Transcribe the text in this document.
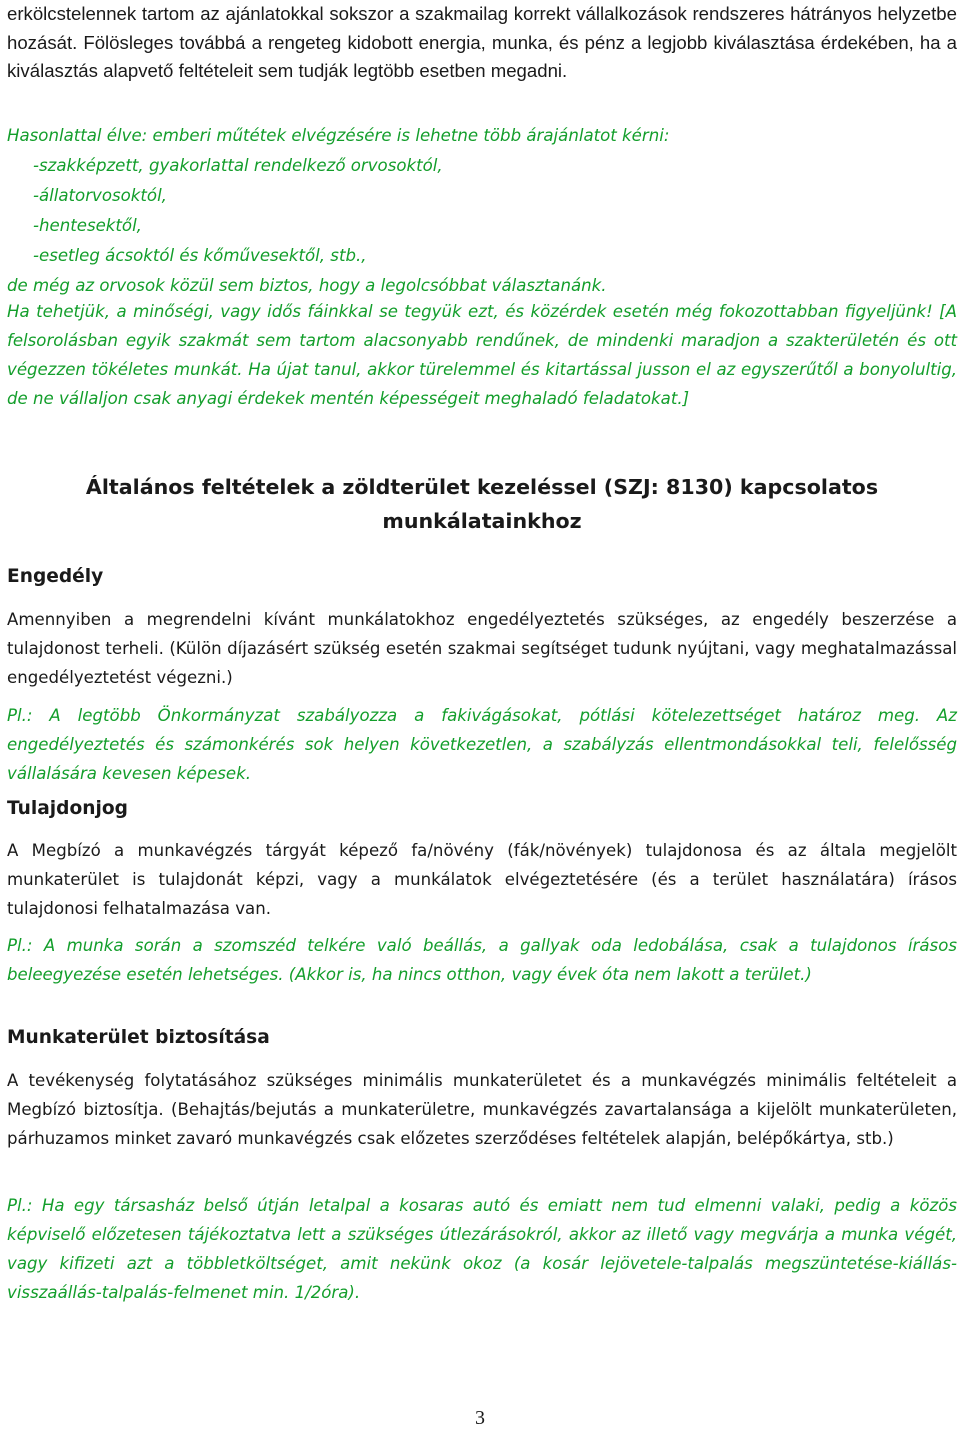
erkölcstelennek tartom az ajánlatokkal sokszor a szakmailag korrekt vállalkozások rendszeres hátrányos helyzetbe hozását. Fölösleges továbbá a rengeteg kidobott energia, munka, és pénz a legjobb kiválasztása érdekében, ha a kiválasztás alapvető feltételeit sem tudják legtöbb esetben megadni.

Hasonlattal élve: emberi műtétek elvégzésére is lehetne több árajánlatot kérni:
-szakképzett, gyakorlattal rendelkező orvosoktól,
-állatorvosoktól,
-hentesektől,
-esetleg ácsoktól és kőművesektől, stb.,
de még az orvosok közül sem biztos, hogy a legolcsóbbat választanánk.

Ha tehetjük, a minőségi, vagy idős fáinkkal se tegyük ezt, és közérdek esetén még fokozottabban figyeljünk! [A felsorolásban egyik szakmát sem tartom alacsonyabb rendűnek, de mindenki maradjon a szakterületén és ott végezzen tökéletes munkát. Ha újat tanul, akkor türelemmel és kitartással jusson el az egyszerűtől a bonyolultig, de ne vállaljon csak anyagi érdekek mentén képességeit meghaladó feladatokat.]

Általános feltételek a zöldterület kezeléssel (SZJ: 8130) kapcsolatos
munkálatainkhoz
Engedély

Amennyiben a megrendelni kívánt munkálatokhoz engedélyeztetés szükséges, az engedély beszerzése a tulajdonost terheli. (Külön díjazásért szükség esetén szakmai segítséget tudunk nyújtani, vagy meghatalmazással engedélyeztetést végezni.)

Pl.: A legtöbb Önkormányzat szabályozza a fakivágásokat, pótlási kötelezettséget határoz meg. Az engedélyeztetés és számonkérés sok helyen következetlen, a szabályzás ellentmondásokkal teli, felelősség vállalására kevesen képesek.

Tulajdonjog

A Megbízó a munkavégzés tárgyát képező fa/növény (fák/növények) tulajdonosa és az általa megjelölt munkaterület is tulajdonát képzi, vagy a munkálatok elvégeztetésére (és a terület használatára) írásos tulajdonosi felhatalmazása van.

Pl.: A munka során a szomszéd telkére való beállás, a gallyak oda ledobálása, csak a tulajdonos írásos beleegyezése esetén lehetséges. (Akkor is, ha nincs otthon, vagy évek óta nem lakott a terület.)

Munkaterület biztosítása

A tevékenység folytatásához szükséges minimális munkaterületet és a munkavégzés minimális feltételeit a Megbízó biztosítja. (Behajtás/bejutás a munkaterületre, munkavégzés zavartalansága a kijelölt munkaterületen, párhuzamos minket zavaró munkavégzés csak előzetes szerződéses feltételek alapján, belépőkártya, stb.)

Pl.: Ha egy társasház belső útján letalpal a kosaras autó és emiatt nem tud elmenni valaki, pedig a közös képviselő előzetesen tájékoztatva lett a szükséges útlezárásokról, akkor az illető vagy megvárja a munka végét, vagy kifizeti azt a többletköltséget, amit nekünk okoz (a kosár lejövetele-talpalás megszüntetése-kiállás-visszaállás-talpalás-felmenet min. 1/2óra).

3
